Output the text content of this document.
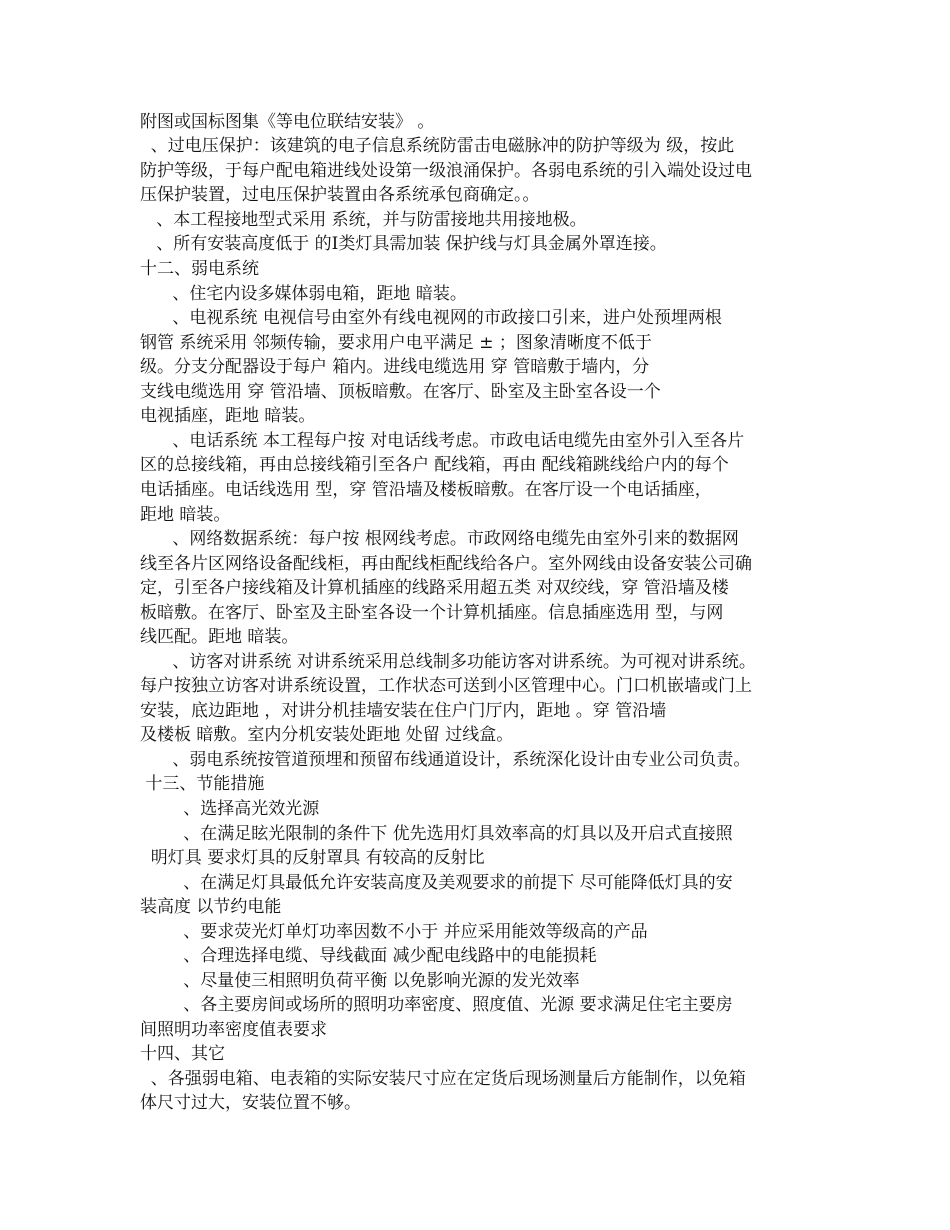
附图或国标图集《等电位联结安装》 。
、过电压保护：该建筑的电子信息系统防雷击电磁脉冲的防护等级为 级，按此
防护等级，于每户配电箱进线处设第一级浪涌保护。各弱电系统的引入端处设过电
压保护装置，过电压保护装置由各系统承包商确定。。
、本工程接地型式采用 系统，并与防雷接地共用接地极。
、所有安装高度低于 的Ⅰ类灯具需加装 保护线与灯具金属外罩连接。
十二、弱电系统
、住宅内设多媒体弱电箱，距地 暗装。
、电视系统 电视信号由室外有线电视网的市政接口引来，进户处预埋两根
钢管 系统采用 邻频传输，要求用户电平满足 ± ；图象清晰度不低于
级。分支分配器设于每户 箱内。进线电缆选用 穿 管暗敷于墙内，分
支线电缆选用 穿 管沿墙、顶板暗敷。在客厅、卧室及主卧室各设一个
电视插座，距地 暗装。
、电话系统 本工程每户按 对电话线考虑。市政电话电缆先由室外引入至各片
区的总接线箱，再由总接线箱引至各户 配线箱，再由 配线箱跳线给户内的每个
电话插座。电话线选用 型，穿 管沿墙及楼板暗敷。在客厅设一个电话插座，
距地 暗装。
、网络数据系统：每户按 根网线考虑。市政网络电缆先由室外引来的数据网
线至各片区网络设备配线柜，再由配线柜配线给各户。室外网线由设备安装公司确
定，引至各户接线箱及计算机插座的线路采用超五类 对双绞线，穿 管沿墙及楼
板暗敷。在客厅、卧室及主卧室各设一个计算机插座。信息插座选用 型，与网
线匹配。距地 暗装。
、访客对讲系统 对讲系统采用总线制多功能访客对讲系统。为可视对讲系统。
每户按独立访客对讲系统设置，工作状态可送到小区管理中心。门口机嵌墙或门上
安装，底边距地 ，对讲分机挂墙安装在住户门厅内，距地 。穿 管沿墙
及楼板 暗敷。室内分机安装处距地 处留 过线盒。
、弱电系统按管道预埋和预留布线通道设计，系统深化设计由专业公司负责。
十三、节能措施
、选择高光效光源
、在满足眩光限制的条件下 优先选用灯具效率高的灯具以及开启式直接照
明灯具 要求灯具的反射罩具 有较高的反射比
、在满足灯具最低允许安装高度及美观要求的前提下 尽可能降低灯具的安
装高度 以节约电能
、要求荧光灯单灯功率因数不小于 并应采用能效等级高的产品
、合理选择电缆、导线截面 减少配电线路中的电能损耗
、尽量使三相照明负荷平衡 以免影响光源的发光效率
、各主要房间或场所的照明功率密度、照度值、光源 要求满足住宅主要房
间照明功率密度值表要求
十四、其它
、各强弱电箱、电表箱的实际安装尺寸应在定货后现场测量后方能制作，以免箱
体尺寸过大，安装位置不够。
